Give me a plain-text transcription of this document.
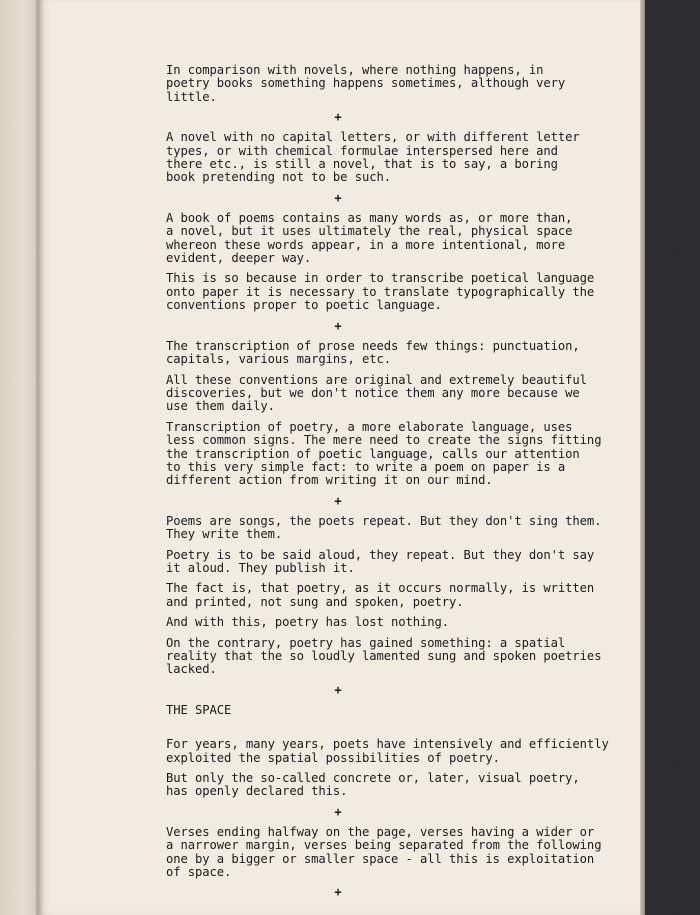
In comparison with novels, where nothing happens, in
poetry books something happens sometimes, although very
little.

+

A novel with no capital letters, or with different letter
types, or with chemical formulae interspersed here and
there etc., is still a novel, that is to say, a boring
book pretending not to be such.

+

A book of poems contains as many words as, or more than,
a novel, but it uses ultimately the real, physical space
whereon these words appear, in a more intentional, more
evident, deeper way.

This is so because in order to transcribe poetical language
onto paper it is necessary to translate typographically the
conventions proper to poetic language.

+

The transcription of prose needs few things: punctuation,
capitals, various margins, etc.

All these conventions are original and extremely beautiful
discoveries, but we don't notice them any more because we
use them daily.

Transcription of poetry, a more elaborate language, uses
less common signs. The mere need to create the signs fitting
the transcription of poetic language, calls our attention
to this very simple fact: to write a poem on paper is a
different action from writing it on our mind.

+

Poems are songs, the poets repeat. But they don't sing them.
They write them.

Poetry is to be said aloud, they repeat. But they don't say
it aloud. They publish it.

The fact is, that poetry, as it occurs normally, is written
and printed, not sung and spoken, poetry.

And with this, poetry has lost nothing.

On the contrary, poetry has gained something: a spatial
reality that the so loudly lamented sung and spoken poetries
lacked.

+
THE SPACE

For years, many years, poets have intensively and efficiently
exploited the spatial possibilities of poetry.

But only the so-called concrete or, later, visual poetry,
has openly declared this.

+

Verses ending halfway on the page, verses having a wider or
a narrower margin, verses being separated from the following
one by a bigger or smaller space - all this is exploitation
of space.

+
